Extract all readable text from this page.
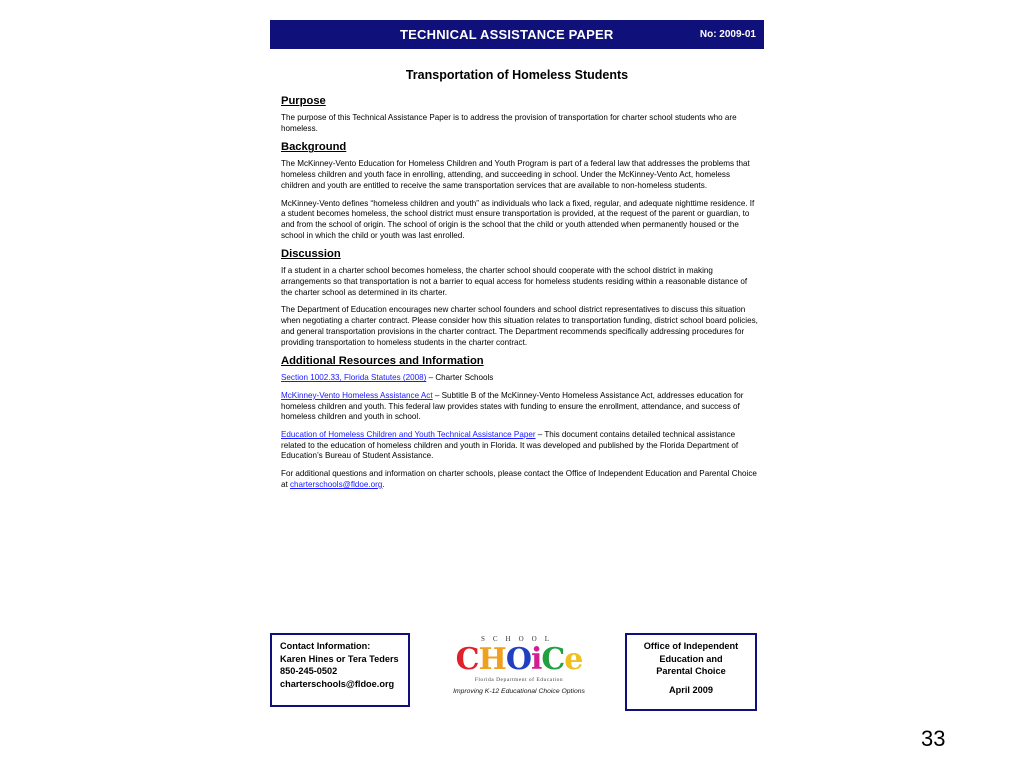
TECHNICAL ASSISTANCE PAPER	No: 2009-01
Transportation of Homeless Students
Purpose

The purpose of this Technical Assistance Paper is to address the provision of transportation for charter school students who are homeless.

Background

The McKinney-Vento Education for Homeless Children and Youth Program is part of a federal law that addresses the problems that homeless children and youth face in enrolling, attending, and succeeding in school. Under the McKinney-Vento Act, homeless children and youth are entitled to receive the same transportation services that are available to non-homeless students.

McKinney-Vento defines “homeless children and youth” as individuals who lack a fixed, regular, and adequate nighttime residence. If a student becomes homeless, the school district must ensure transportation is provided, at the request of the parent or guardian, to and from the school of origin. The school of origin is the school that the child or youth attended when permanently housed or the school in which the child or youth was last enrolled.

Discussion

If a student in a charter school becomes homeless, the charter school should cooperate with the school district in making arrangements so that transportation is not a barrier to equal access for homeless students residing within a reasonable distance of the charter school as determined in its charter.

The Department of Education encourages new charter school founders and school district representatives to discuss this situation when negotiating a charter contract. Please consider how this situation relates to transportation funding, district school board policies, and general transportation provisions in the charter contract. The Department recommends specifically addressing procedures for providing transportation to homeless students in the charter contract.

Additional Resources and Information

Section 1002.33, Florida Statutes (2008) – Charter Schools

McKinney-Vento Homeless Assistance Act – Subtitle B of the McKinney-Vento Homeless Assistance Act, addresses education for homeless children and youth. This federal law provides states with funding to ensure the enrollment, attendance, and success of homeless children and youth in school.

Education of Homeless Children and Youth Technical Assistance Paper – This document contains detailed technical assistance related to the education of homeless children and youth in Florida. It was developed and published by the Florida Department of Education’s Bureau of Student Assistance.

For additional questions and information on charter schools, please contact the Office of Independent Education and Parental Choice at charterschools@fldoe.org.

Contact Information:
Karen Hines or Tera Teders
850-245-0502
charterschools@fldoe.org
SCHOOL
CHOiCe
Florida Department of Education
Improving K-12 Educational Choice Options
Office of Independent
Education and
Parental Choice
April 2009
33
